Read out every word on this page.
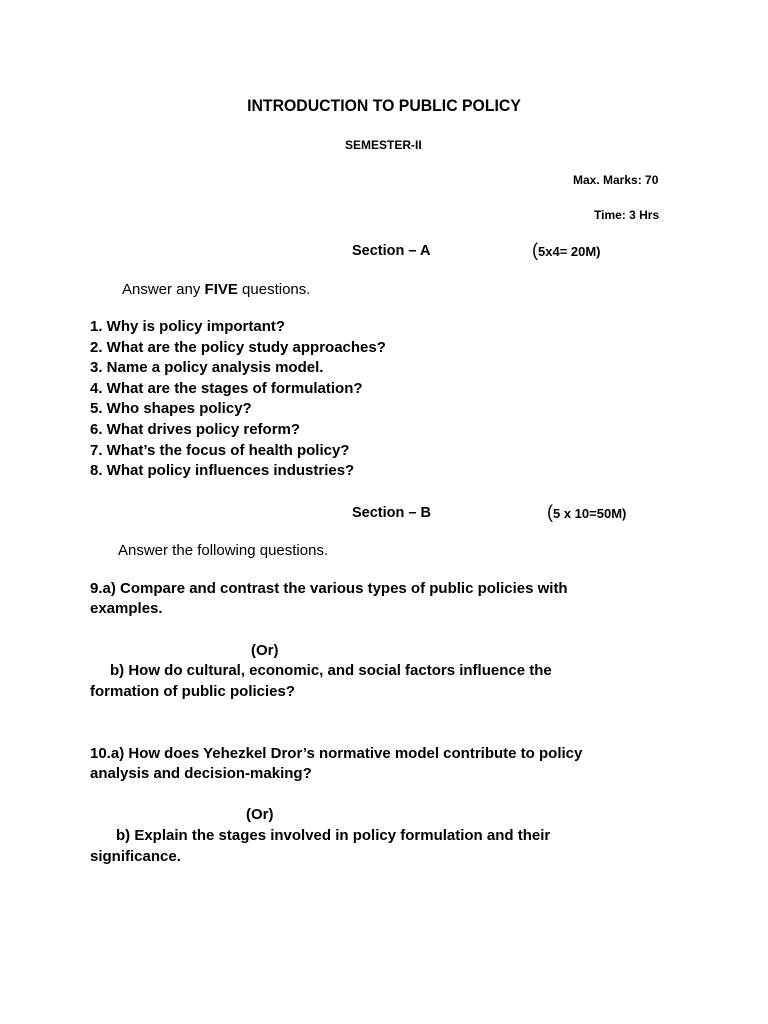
INTRODUCTION TO PUBLIC POLICY
SEMESTER-II
Max. Marks: 70
Time: 3 Hrs
Section – A	(5x4= 20M)
Answer any FIVE questions.
1. Why is policy important?
2. What are the policy study approaches?
3. Name a policy analysis model.
4. What are the stages of formulation?
5. Who shapes policy?
6. What drives policy reform?
7. What’s the focus of health policy?
8. What policy influences industries?
Section – B	(5 x 10=50M)
Answer the following questions.
9.a) Compare and contrast the various types of public policies with
examples.
(Or)
b) How do cultural, economic, and social factors influence the
formation of public policies?
10.a) How does Yehezkel Dror’s normative model contribute to policy
analysis and decision-making?
(Or)
b) Explain the stages involved in policy formulation and their
significance.
